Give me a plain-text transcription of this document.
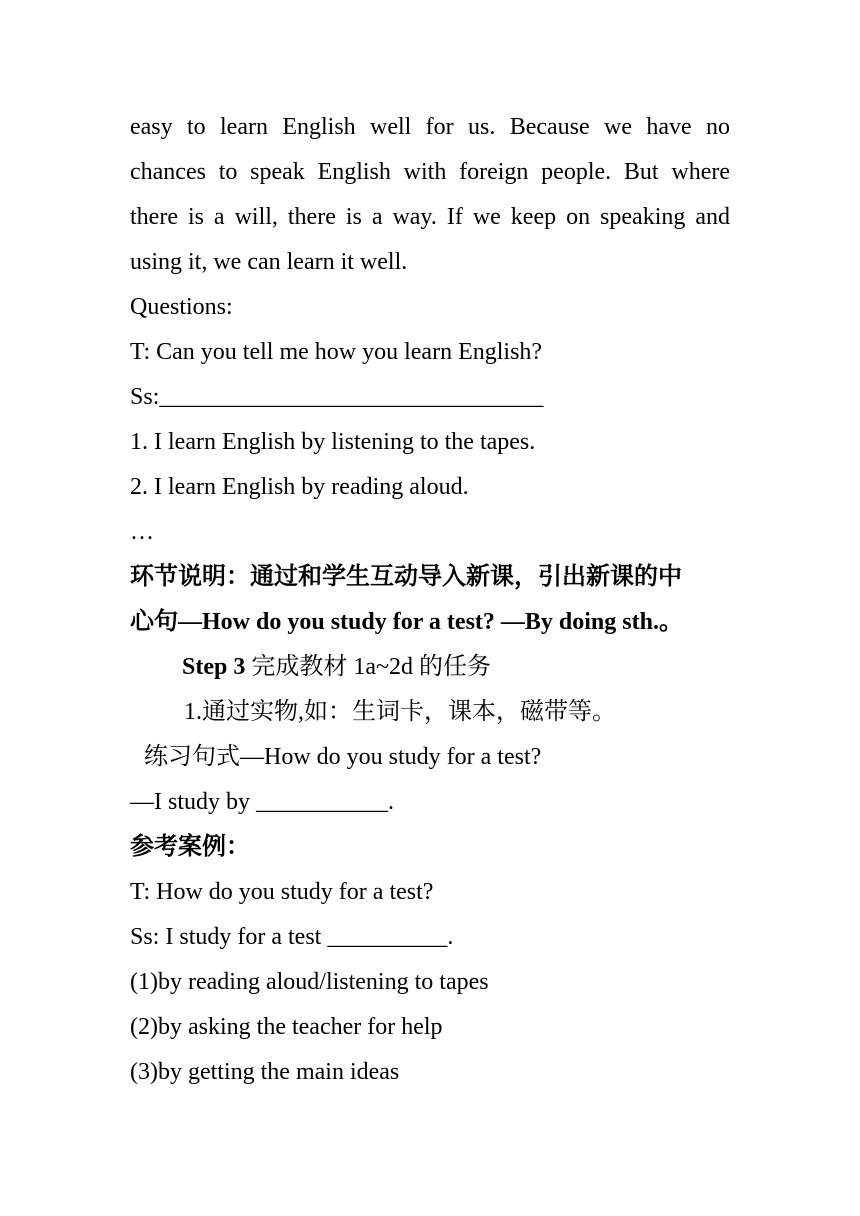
easy to learn English well for us. Because we have no
chances to speak English with foreign people. But where
there is a will, there is a way. If we keep on speaking and
using it, we can learn it well.
Questions:
T: Can you tell me how you learn English?
Ss:________________________________
1. I learn English by listening to the tapes.
2. I learn English by reading aloud.
…
环节说明：通过和学生互动导入新课，引出新课的中
心句—How do you study for a test? —By doing sth.。
Step 3 完成教材 1a~2d 的任务
1.通过实物,如：生词卡，课本，磁带等。
练习句式—How do you study for a test?
—I study by ___________.
参考案例：
T: How do you study for a test?
Ss: I study for a test __________.
(1)by reading aloud/listening to tapes
(2)by asking the teacher for help
(3)by getting the main ideas
